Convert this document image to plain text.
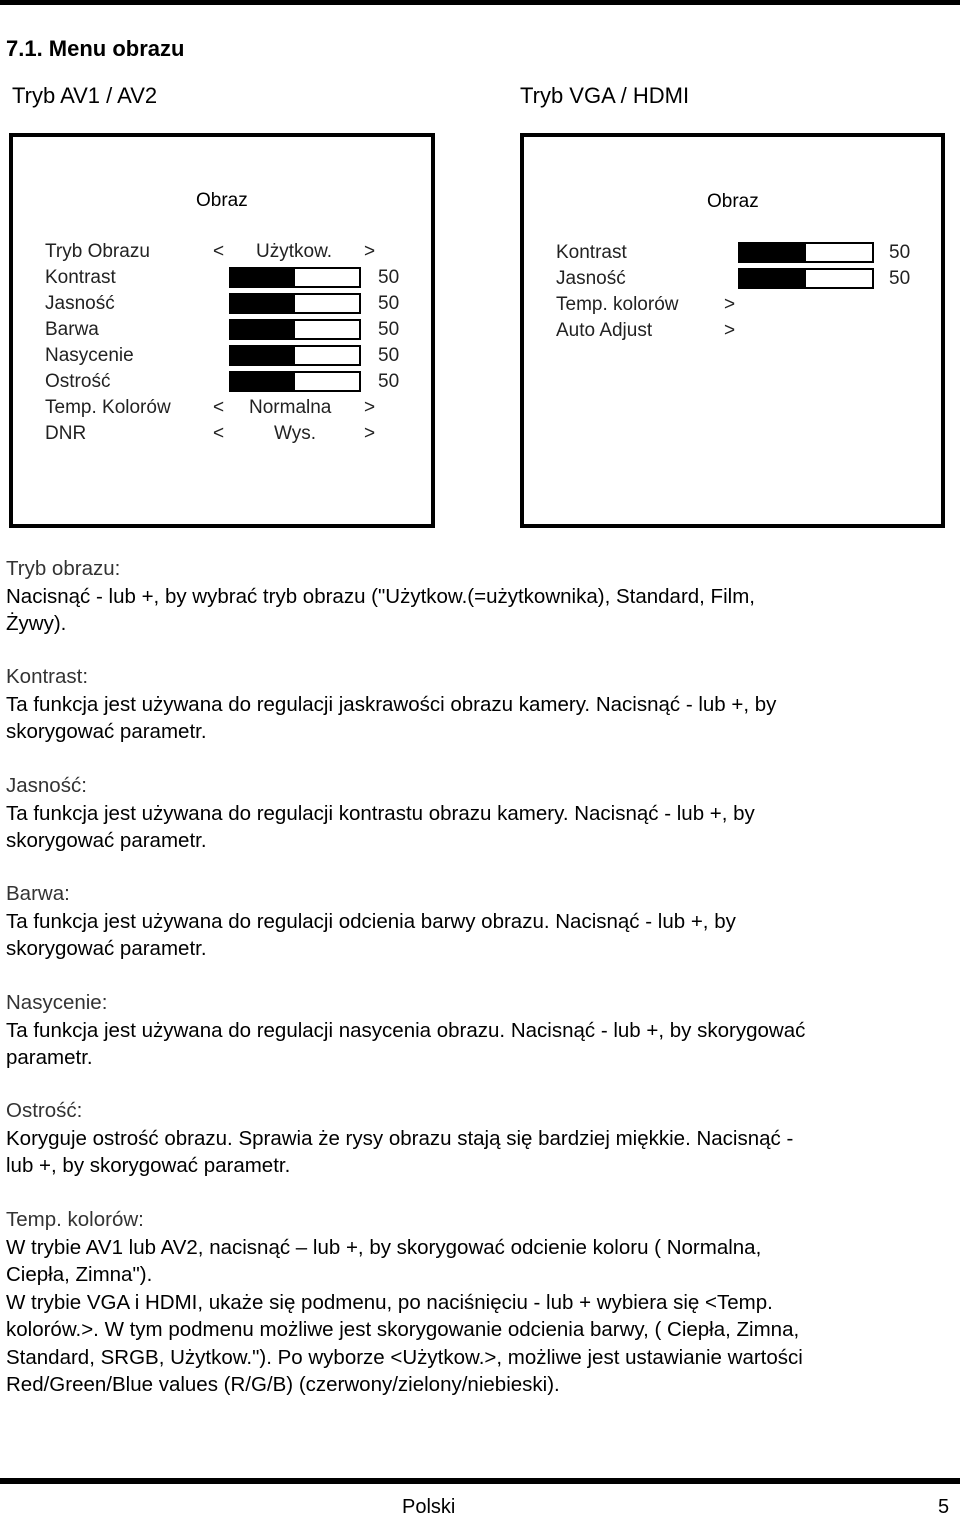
7.1. Menu obrazu
Tryb AV1 / AV2	Tryb VGA / HDMI
Obraz
Tryb Obrazu	< Użytkow. >
Kontrast	50
Jasność	50
Barwa	50
Nasycenie	50
Ostrość	50
Temp. Kolorów < Normalna >
DNR	<	Wys.	>
Obraz
Kontrast	50
Jasność	50
Temp. kolorów >
Auto Adjust	>
Tryb obrazu:
Nacisnąć - lub +, by wybrać tryb obrazu ("Użytkow.(=użytkownika), Standard, Film,
Żywy).
Kontrast:
Ta funkcja jest używana do regulacji jaskrawości obrazu kamery. Nacisnąć - lub +, by
skorygować parametr.
Jasność:
Ta funkcja jest używana do regulacji kontrastu obrazu kamery. Nacisnąć - lub +, by
skorygować parametr.
Barwa:
Ta funkcja jest używana do regulacji odcienia barwy obrazu. Nacisnąć - lub +, by
skorygować parametr.
Nasycenie:
Ta funkcja jest używana do regulacji nasycenia obrazu. Nacisnąć - lub +, by skorygować
parametr.
Ostrość:
Koryguje ostrość obrazu. Sprawia że rysy obrazu stają się bardziej miękkie. Nacisnąć -
lub +, by skorygować parametr.
Temp. kolorów:
W trybie AV1 lub AV2, nacisnąć – lub +, by skorygować odcienie koloru ( Normalna,
Ciepła, Zimna").
W trybie VGA i HDMI, ukaże się podmenu, po naciśnięciu - lub + wybiera się <Temp.
kolorów.>. W tym podmenu możliwe jest skorygowanie odcienia barwy, ( Ciepła, Zimna,
Standard, SRGB, Użytkow."). Po wyborze <Użytkow.>, możliwe jest ustawianie wartości
Red/Green/Blue values (R/G/B) (czerwony/zielony/niebieski).
Polski	5
